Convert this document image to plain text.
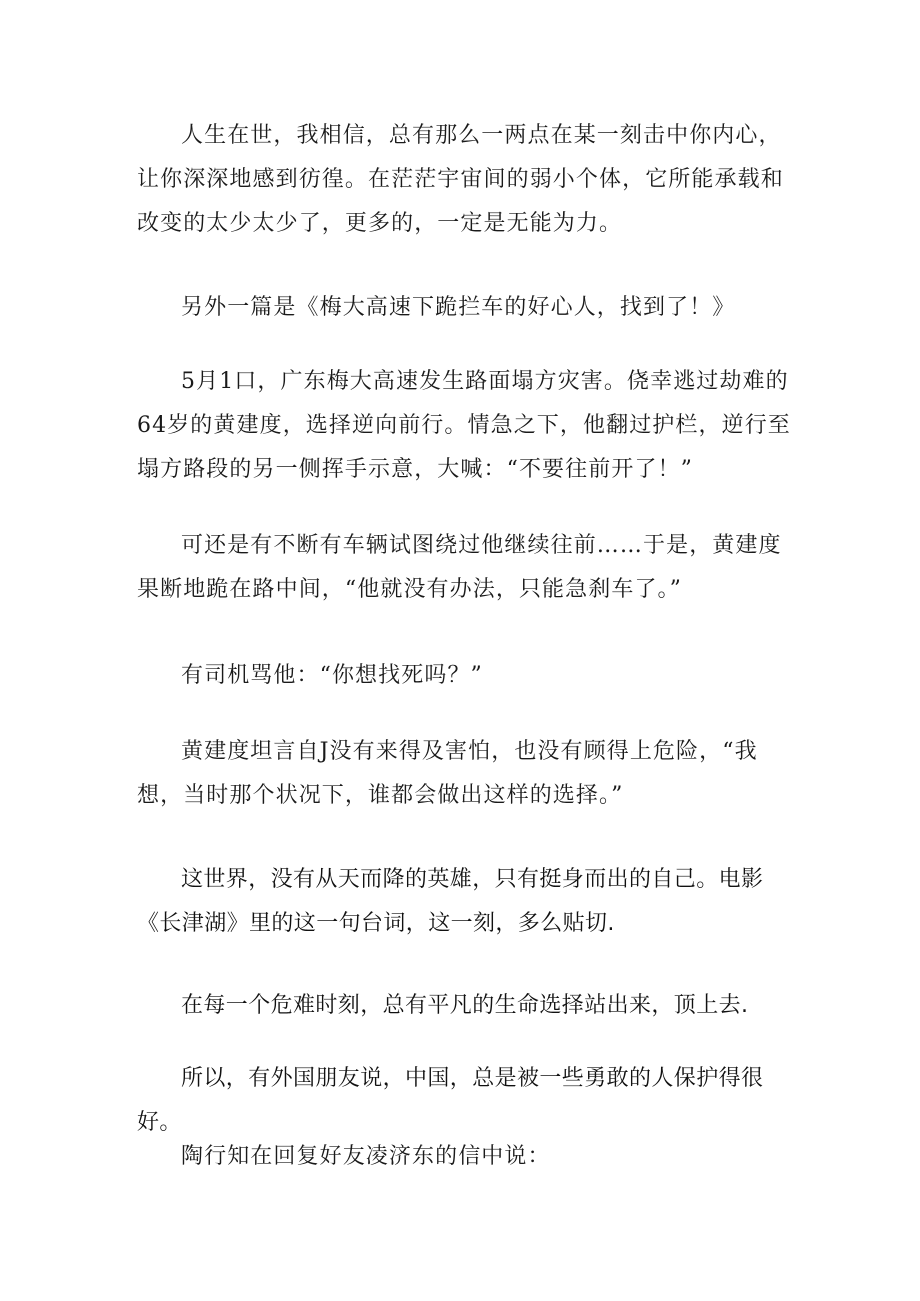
人生在世，我相信，总有那么一两点在某一刻击中你内心，让你深深地感到彷徨。在茫茫宇宙间的弱小个体，它所能承载和改变的太少太少了，更多的，一定是无能为力。

另外一篇是《梅大高速下跪拦车的好心人，找到了！》

5月1口，广东梅大高速发生路面塌方灾害。侥幸逃过劫难的64岁的黄建度，选择逆向前行。情急之下，他翻过护栏，逆行至塌方路段的另一侧挥手示意，大喊：“不要往前开了！”

可还是有不断有车辆试图绕过他继续往前……于是，黄建度果断地跪在路中间，“他就没有办法，只能急刹车了。”

有司机骂他：“你想找死吗？”

黄建度坦言自J没有来得及害怕，也没有顾得上危险，“我想，当时那个状况下，谁都会做出这样的选择。”

这世界，没有从天而降的英雄，只有挺身而出的自己。电影《长津湖》里的这一句台词，这一刻，多么贴切.

在每一个危难时刻，总有平凡的生命选择站出来，顶上去.

所以，有外国朋友说，中国，总是被一些勇敢的人保护得很好。

陶行知在回复好友凌济东的信中说：
